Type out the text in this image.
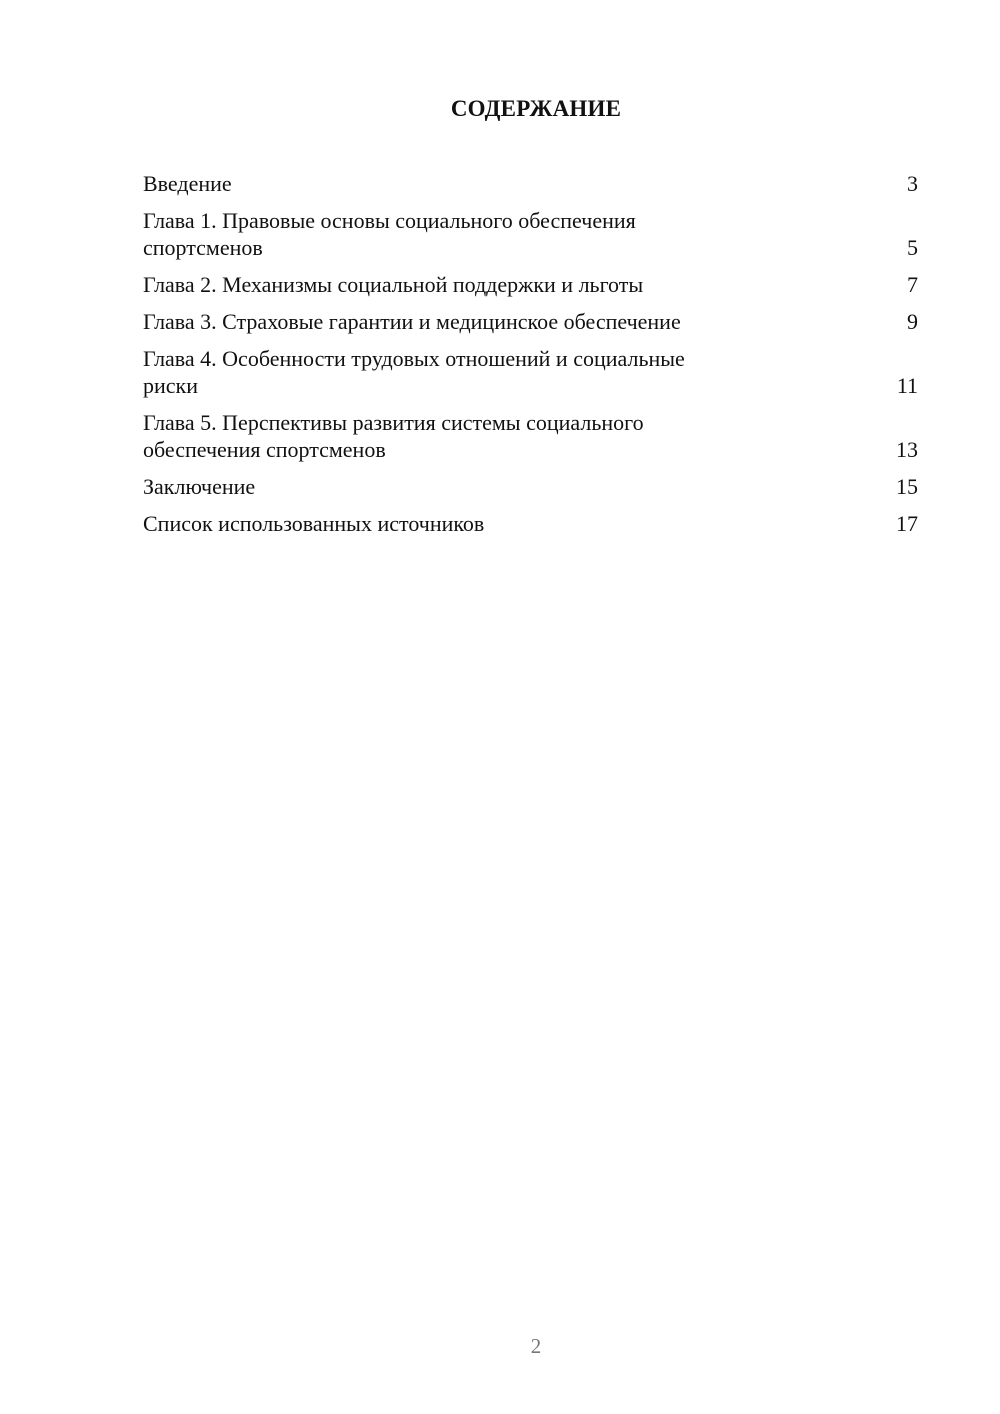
СОДЕРЖАНИЕ
Введение	3
Глава 1. Правовые основы социального обеспечения
спортсменов	5
Глава 2. Механизмы социальной поддержки и льготы	7
Глава 3. Страховые гарантии и медицинское обеспечение	9
Глава 4. Особенности трудовых отношений и социальные
риски	11
Глава 5. Перспективы развития системы социального
обеспечения спортсменов	13
Заключение	15
Список использованных источников	17
2
